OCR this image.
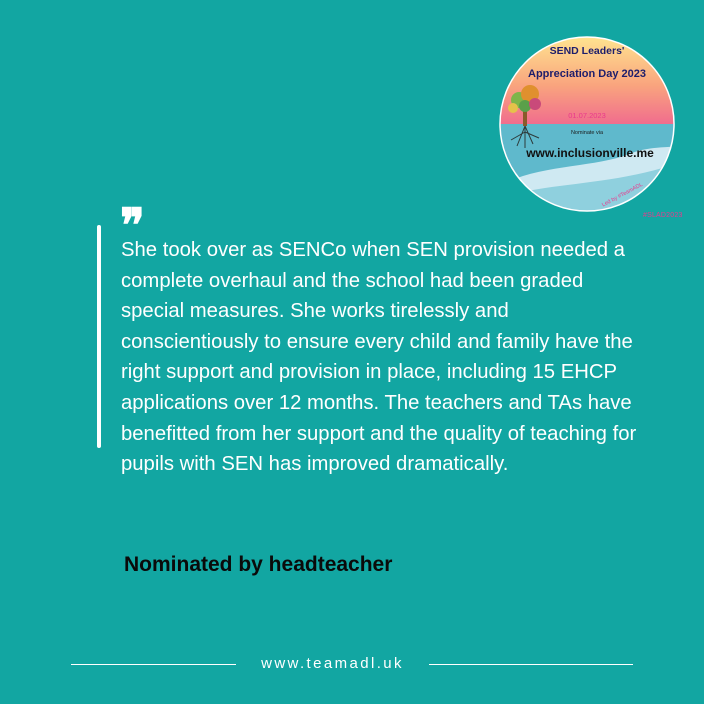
SEND Leaders'
Appreciation Day 2023
01.07.2023
Nominate via
www.inclusionville.me
Led by #TeamADL
#SLAD2023
❞

She took over as SENCo when SEN provision needed a complete overhaul and the school had been graded special measures. She works tirelessly and conscientiously to ensure every child and family have the right support and provision in place, including 15 EHCP applications over 12 months. The teachers and TAs have benefitted from her support and the quality of teaching for pupils with SEN has improved dramatically.

Nominated by headteacher

www.teamadl.uk
